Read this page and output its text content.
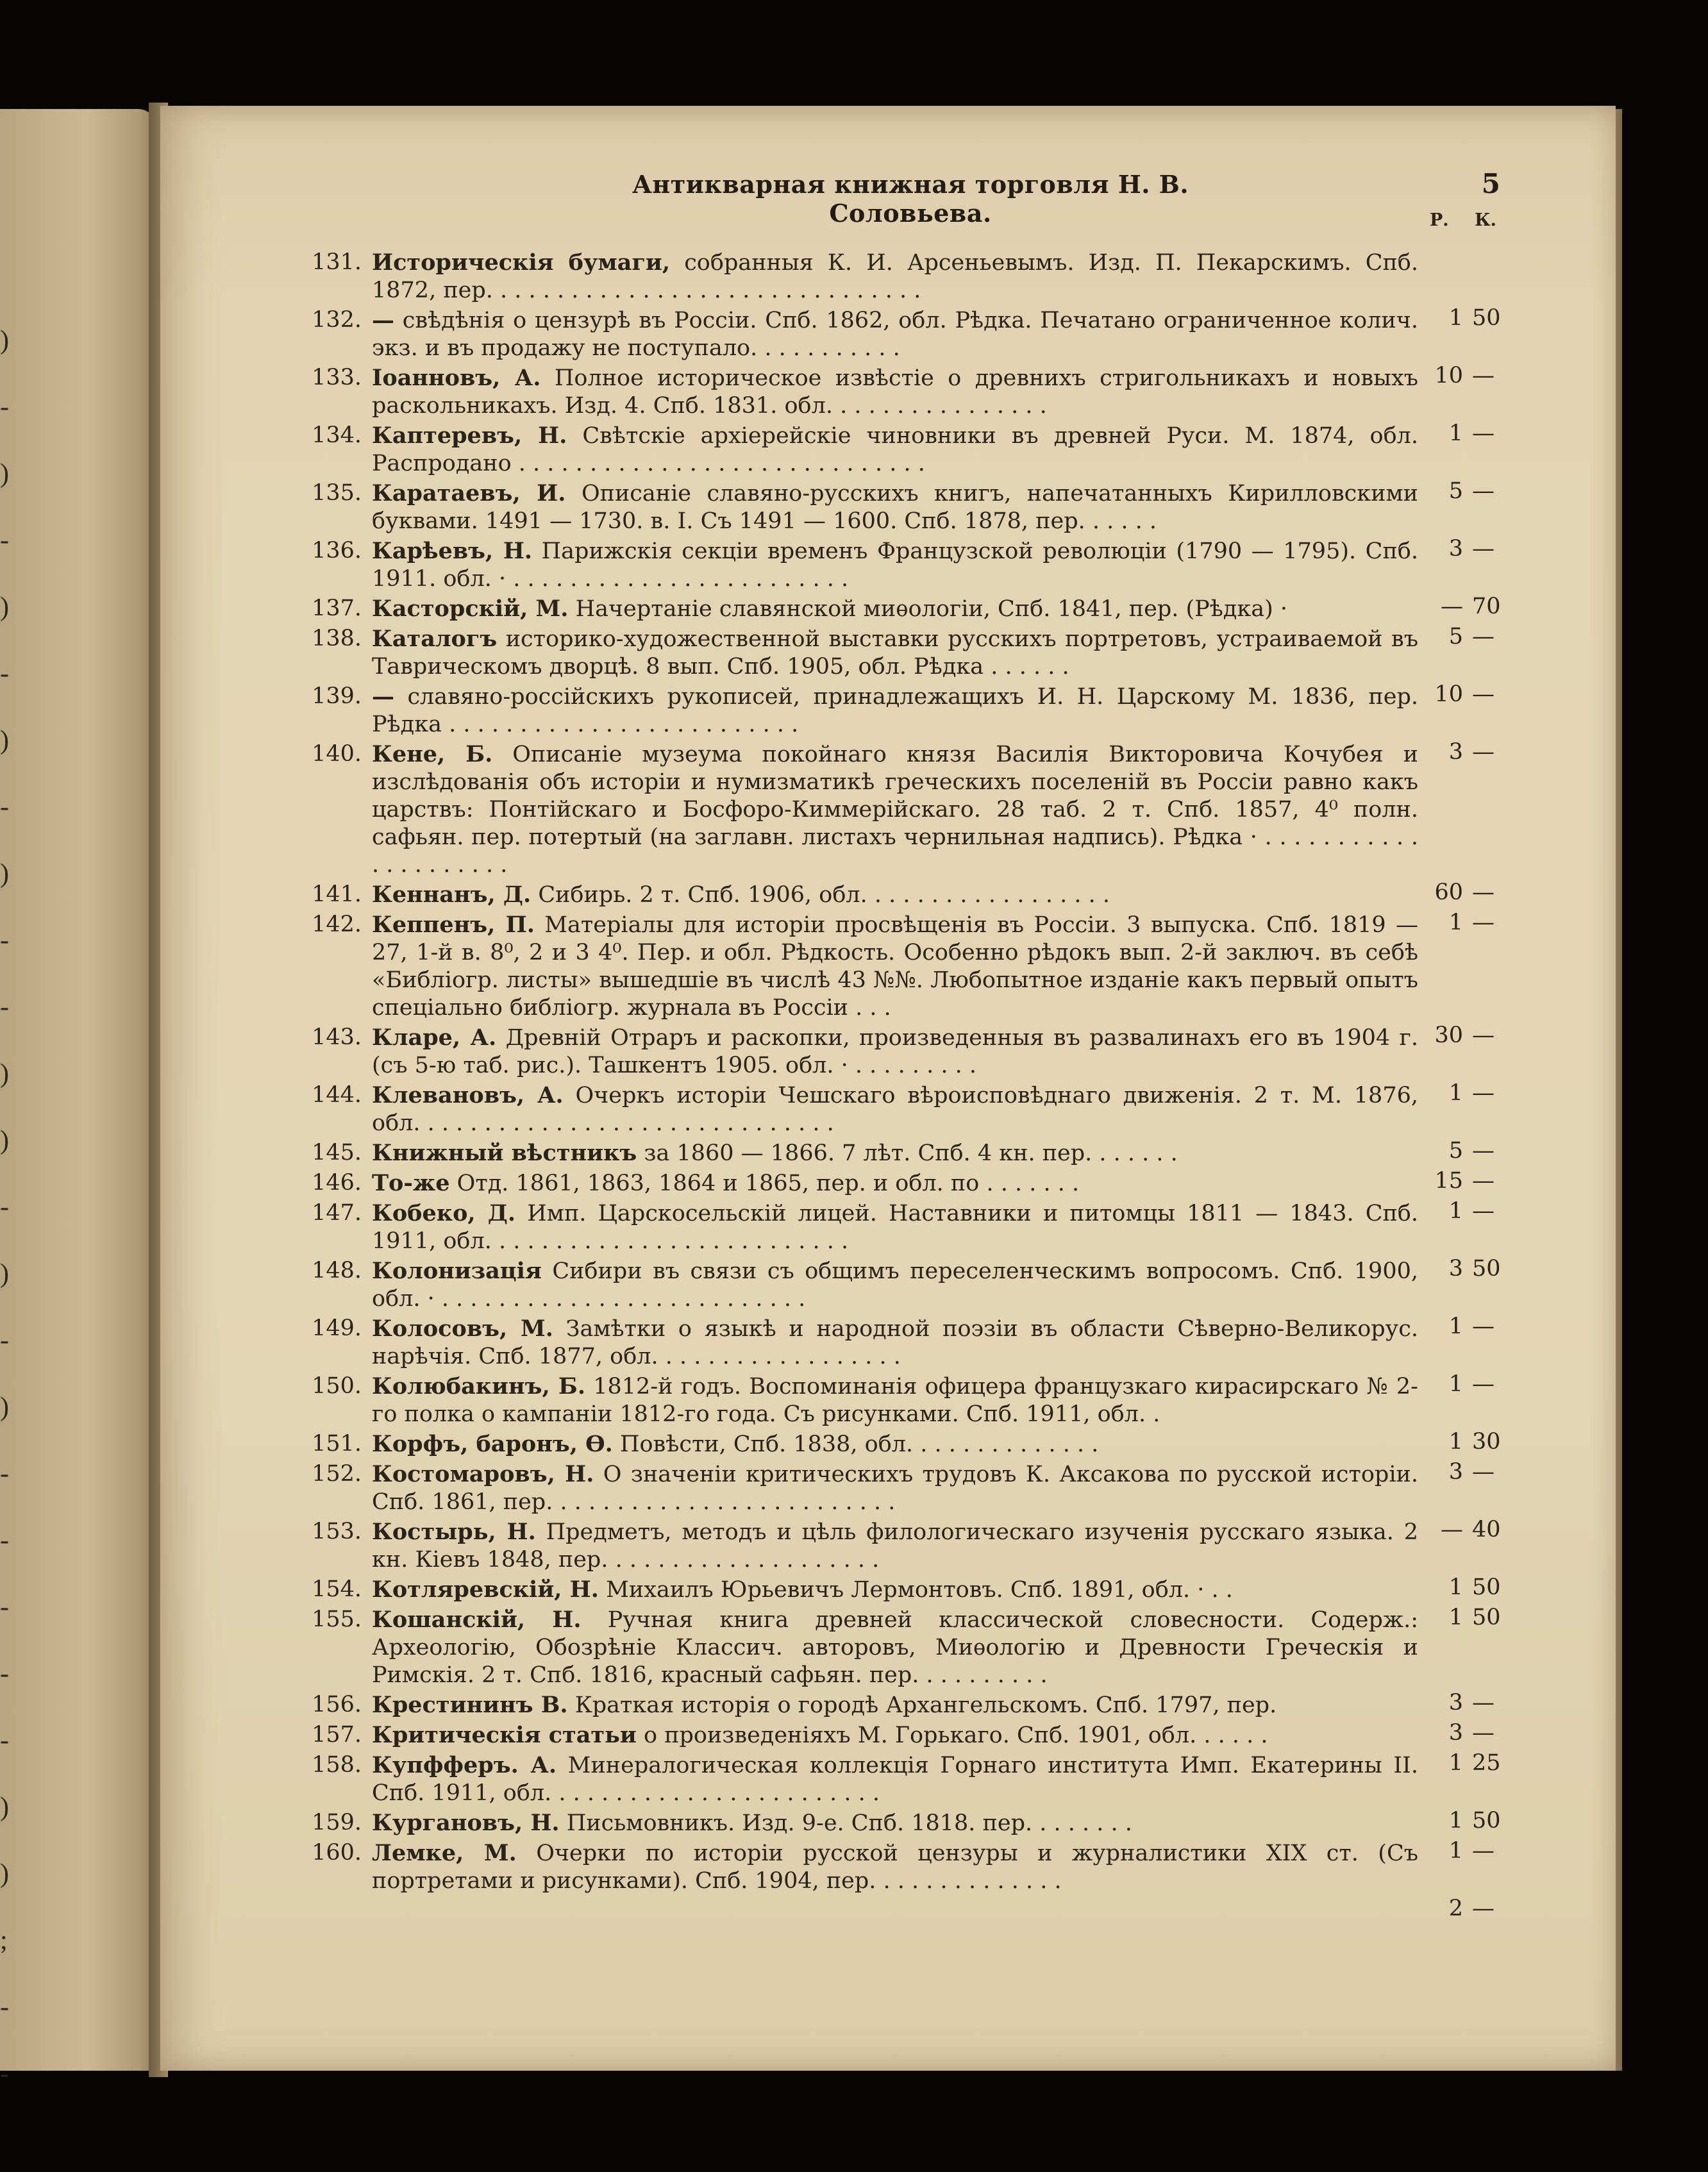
)
-
)
-
)
-
)
-
)
-
-
)
)
-
)
-
)
-
-
-
-
-
)
)
;
-
-
Антикварная книжная торговля Н. В. Соловьева.
5
Р. К.
131. Историческія бумаги, собранныя К. И. Арсеньевымъ. Изд. П. Пекарскимъ. Спб. 1872, пер. . . . . . . . . . . . . . . . . . . . . . . . . . . . . . .
1 50
132. — свѣдѣнія о цензурѣ въ Россіи. Спб. 1862, обл. Рѣдка. Печатано ограниченное колич. экз. и въ продажу не поступало. . . . . . . . . . .
10 —
133. Іоанновъ, А. Полное историческое извѣстіе о древнихъ стригольникахъ и новыхъ раскольникахъ. Изд. 4. Спб. 1831. обл. . . . . . . . . . . . . . . .
1 —
134. Каптеревъ, Н. Свѣтскіе архіерейскіе чиновники въ древней Руси. М. 1874, обл. Распродано . . . . . . . . . . . . . . . . . . . . . . . . . . . . .
5 —
135. Каратаевъ, И. Описаніе славяно-русскихъ книгъ, напечатанныхъ Кирилловскими буквами. 1491 — 1730. в. I. Съ 1491 — 1600. Спб. 1878, пер. . . . . .
3 —
136. Карѣевъ, Н. Парижскія секціи временъ Французской революціи (1790 — 1795). Спб. 1911. обл. · . . . . . . . . . . . . . . . . . . . . . . . .
— 70
137. Касторскій, М. Начертаніе славянской миѳологіи, Спб. 1841, пер. (Рѣдка) ·
5 —
138. Каталогъ историко-художественной выставки русскихъ портретовъ, устраиваемой въ Таврическомъ дворцѣ. 8 вып. Спб. 1905, обл. Рѣдка . . . . . .
10 —
139. — славяно-россійскихъ рукописей, принадлежащихъ И. Н. Царскому М. 1836, пер. Рѣдка . . . . . . . . . . . . . . . . . . . . . . . . .
3 —
140. Кене, Б. Описаніе музеума покойнаго князя Василія Викторовича Кочубея и изслѣдованія объ исторіи и нумизматикѣ греческихъ поселеній въ Россіи равно какъ царствъ: Понтійскаго и Босфоро-Киммерійскаго. 28 таб. 2 т. Спб. 1857, 4⁰ полн. сафьян. пер. потертый (на заглавн. листахъ чернильная надпись). Рѣдка · . . . . . . . . . . . . . . . . . . . . .
60 —
141. Кеннанъ, Д. Сибирь. 2 т. Спб. 1906, обл. . . . . . . . . . . . . . . . . .
1 —
142. Кеппенъ, П. Матеріалы для исторіи просвѣщенія въ Россіи. 3 выпуска. Спб. 1819 — 27, 1-й в. 8⁰, 2 и 3 4⁰. Пер. и обл. Рѣдкость. Особенно рѣдокъ вып. 2-й заключ. въ себѣ «Библіогр. листы» вышедшіе въ числѣ 43 №№. Любопытное изданіе какъ первый опытъ спеціально библіогр. журнала въ Россіи . . .
30 —
143. Кларе, А. Древній Отраръ и раскопки, произведенныя въ развалинахъ его въ 1904 г. (съ 5-ю таб. рис.). Ташкентъ 1905. обл. · . . . . . . . . .
1 —
144. Клевановъ, А. Очеркъ исторіи Чешскаго вѣроисповѣднаго движенія. 2 т. М. 1876, обл. . . . . . . . . . . . . . . . . . . . . . . . . . . . . .
5 —
145. Книжный вѣстникъ за 1860 — 1866. 7 лѣт. Спб. 4 кн. пер. . . . . . .
15 —
146. То-же Отд. 1861, 1863, 1864 и 1865, пер. и обл. по . . . . . . .
1 —
147. Кобеко, Д. Имп. Царскосельскій лицей. Наставники и питомцы 1811 — 1843. Спб. 1911, обл. . . . . . . . . . . . . . . . . . . . . . . . . .
3 50
148. Колонизація Сибири въ связи съ общимъ переселенческимъ вопросомъ. Спб. 1900, обл. · . . . . . . . . . . . . . . . . . . . . . . . . . .
1 —
149. Колосовъ, М. Замѣтки о языкѣ и народной поэзіи въ области Сѣверно-Великорус. нарѣчія. Спб. 1877, обл. . . . . . . . . . . . . . . . . .
1 —
150. Колюбакинъ, Б. 1812-й годъ. Воспоминанія офицера французкаго кирасирскаго № 2-го полка о кампаніи 1812-го года. Съ рисунками. Спб. 1911, обл. .
1 30
151. Корфъ, баронъ, Ѳ. Повѣсти, Спб. 1838, обл. . . . . . . . . . . . . .
3 —
152. Костомаровъ, Н. О значеніи критическихъ трудовъ К. Аксакова по русской исторіи. Спб. 1861, пер. . . . . . . . . . . . . . . . . . . . . . . . .
— 40
153. Костырь, Н. Предметъ, методъ и цѣль филологическаго изученія русскаго языка. 2 кн. Кіевъ 1848, пер. . . . . . . . . . . . . . . . . . . .
1 50
154. Котляревскій, Н. Михаилъ Юрьевичъ Лермонтовъ. Спб. 1891, обл. · . .
1 50
155. Кошанскій, Н. Ручная книга древней классической словесности. Содерж.: Археологію, Обозрѣніе Классич. авторовъ, Миѳологію и Древности Греческія и Римскія. 2 т. Спб. 1816, красный сафьян. пер. . . . . . . . . .
3 —
156. Крестининъ В. Краткая исторія о городѣ Архангельскомъ. Спб. 1797, пер.
3 —
157. Критическія статьи о произведеніяхъ М. Горькаго. Спб. 1901, обл. . . . . .
1 25
158. Купфферъ. А. Минералогическая коллекція Горнаго института Имп. Екатерины II. Спб. 1911, обл. . . . . . . . . . . . . . . . . . . . . . . .
1 50
159. Кургановъ, Н. Письмовникъ. Изд. 9-е. Спб. 1818. пер. . . . . . . .
1 —
160. Лемке, М. Очерки по исторіи русской цензуры и журналистики XIX ст. (Съ портретами и рисунками). Спб. 1904, пер. . . . . . . . . . . . . .
2 —
